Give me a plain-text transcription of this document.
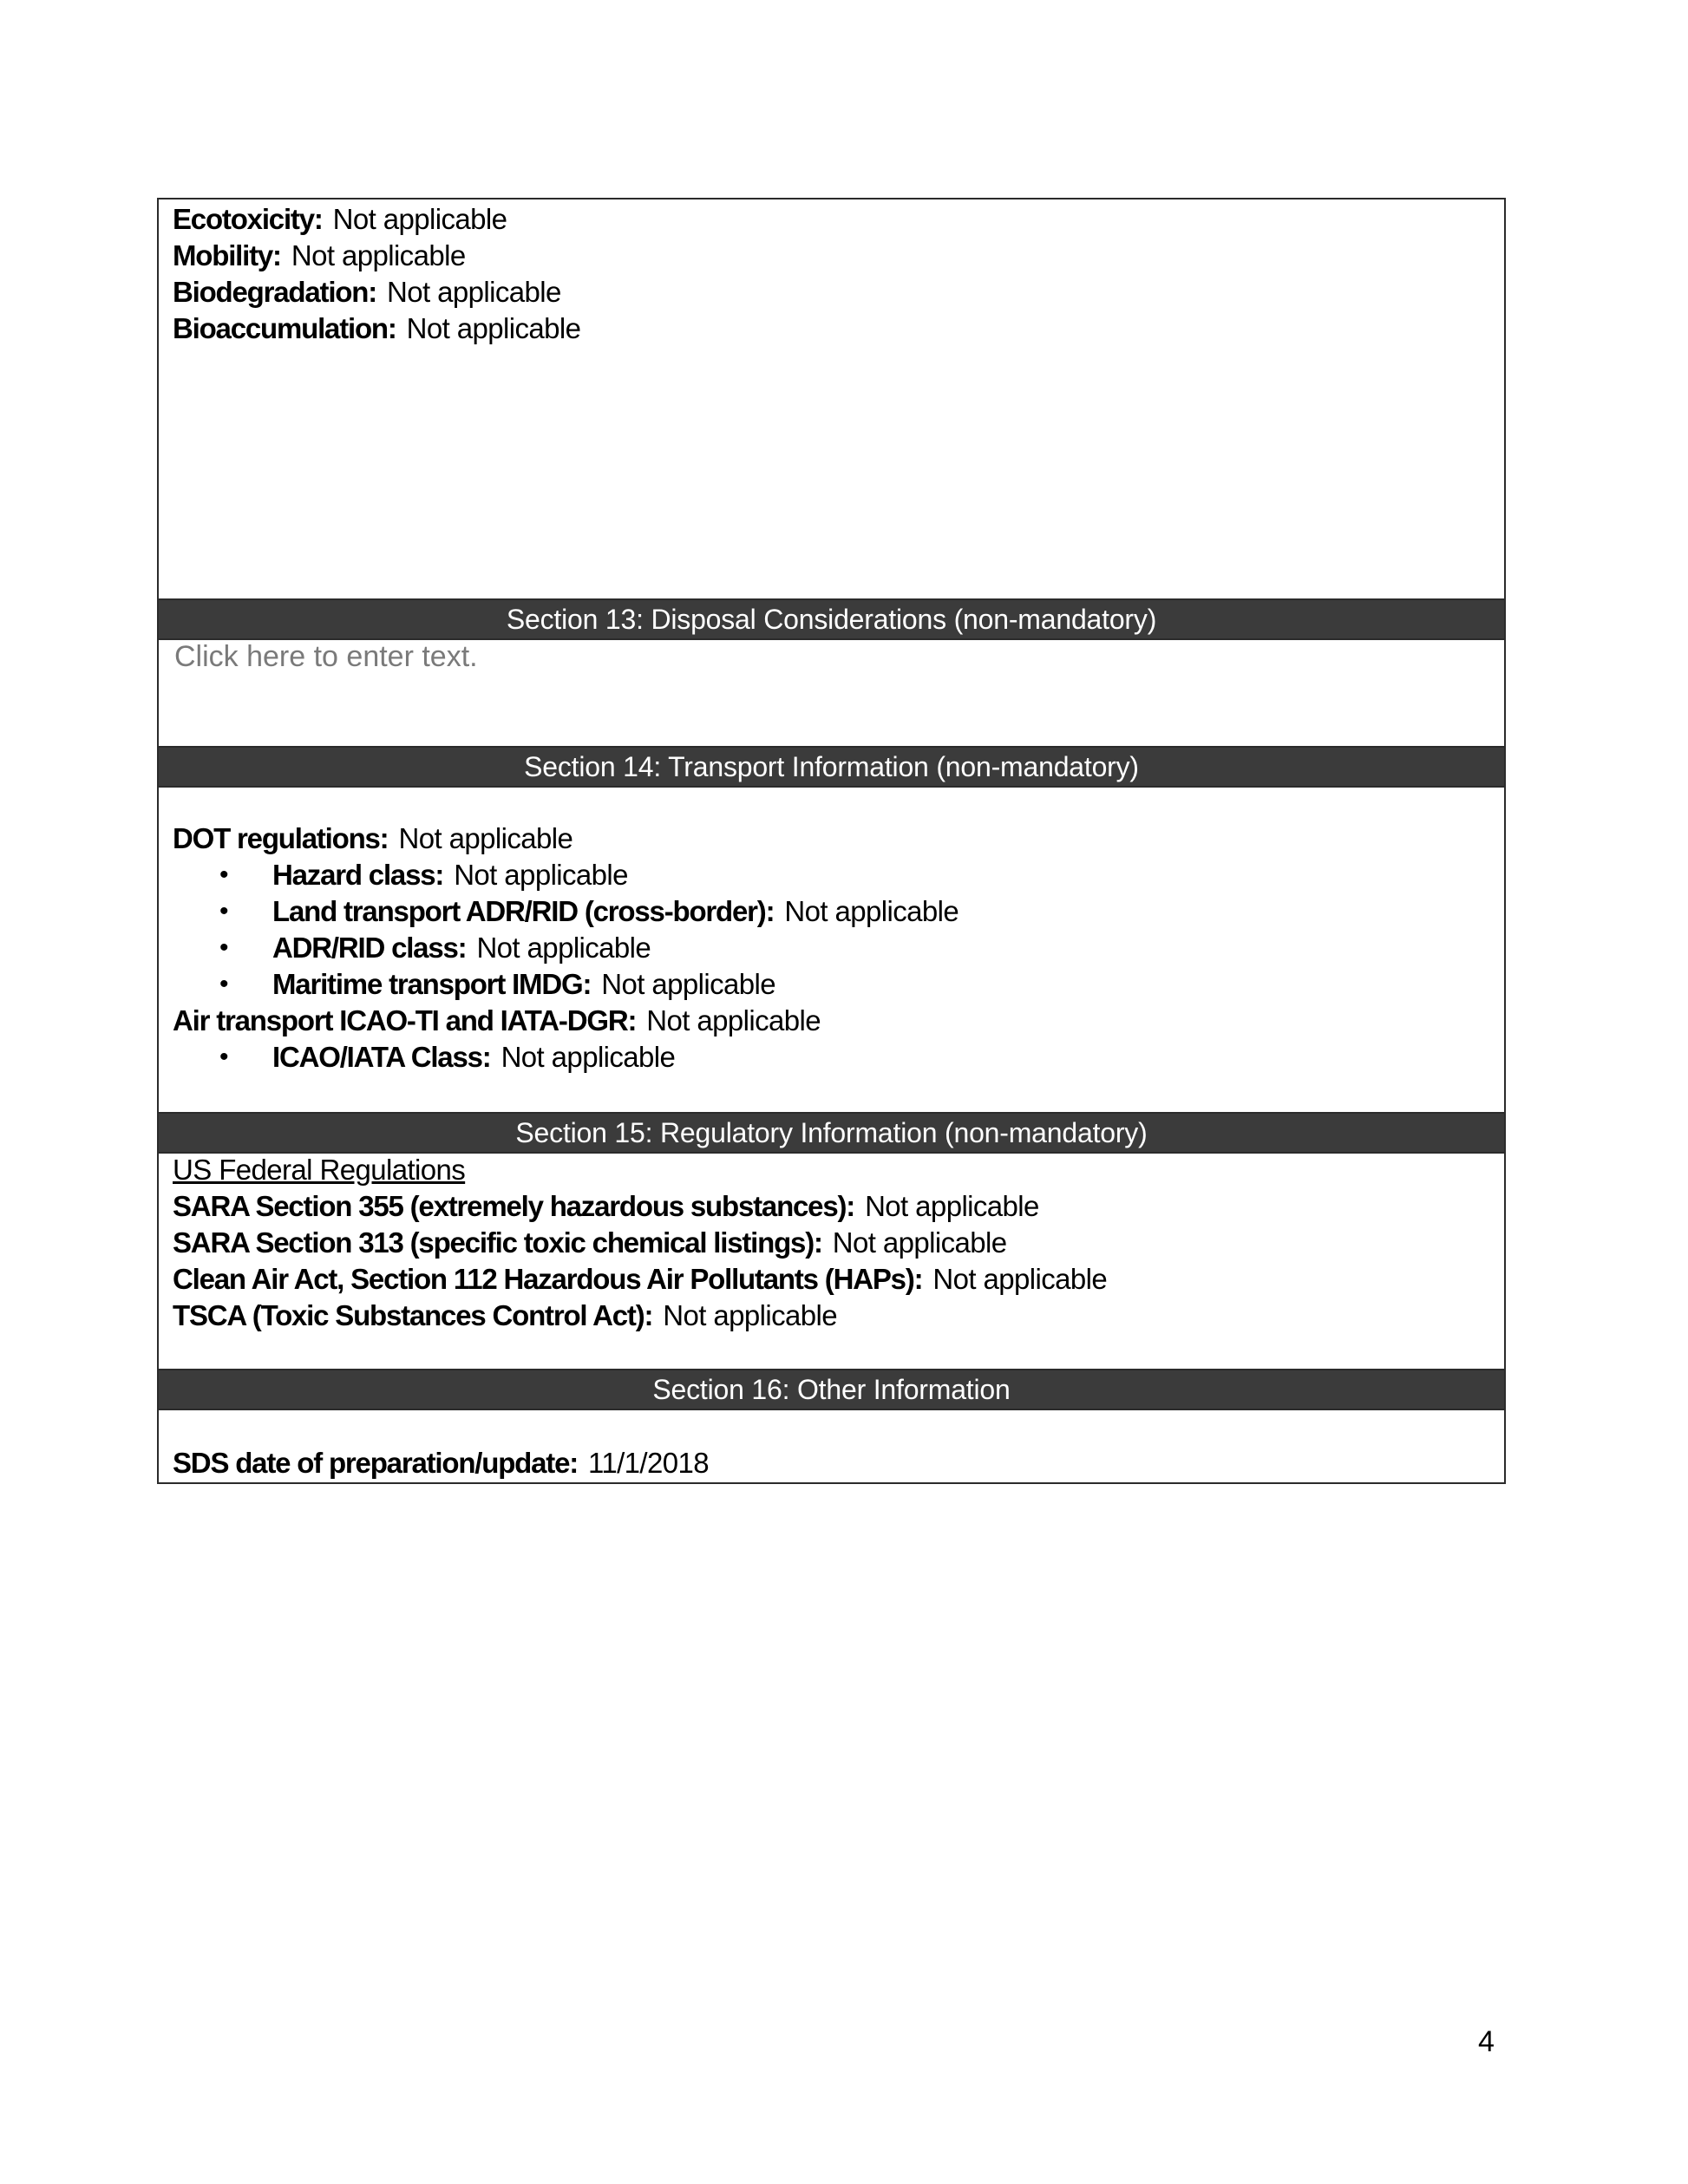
Ecotoxicity: Not applicable
Mobility: Not applicable
Biodegradation: Not applicable
Bioaccumulation: Not applicable
Section 13: Disposal Considerations (non-mandatory)
Click here to enter text.
Section 14: Transport Information (non-mandatory)
DOT regulations: Not applicable
• Hazard class: Not applicable
• Land transport ADR/RID (cross-border): Not applicable
• ADR/RID class: Not applicable
• Maritime transport IMDG: Not applicable
Air transport ICAO-TI and IATA-DGR: Not applicable
• ICAO/IATA Class: Not applicable
Section 15: Regulatory Information (non-mandatory)
US Federal Regulations
SARA Section 355 (extremely hazardous substances): Not applicable
SARA Section 313 (specific toxic chemical listings): Not applicable
Clean Air Act, Section 112 Hazardous Air Pollutants (HAPs): Not applicable
TSCA (Toxic Substances Control Act): Not applicable
Section 16: Other Information
SDS date of preparation/update: 11/1/2018
4
